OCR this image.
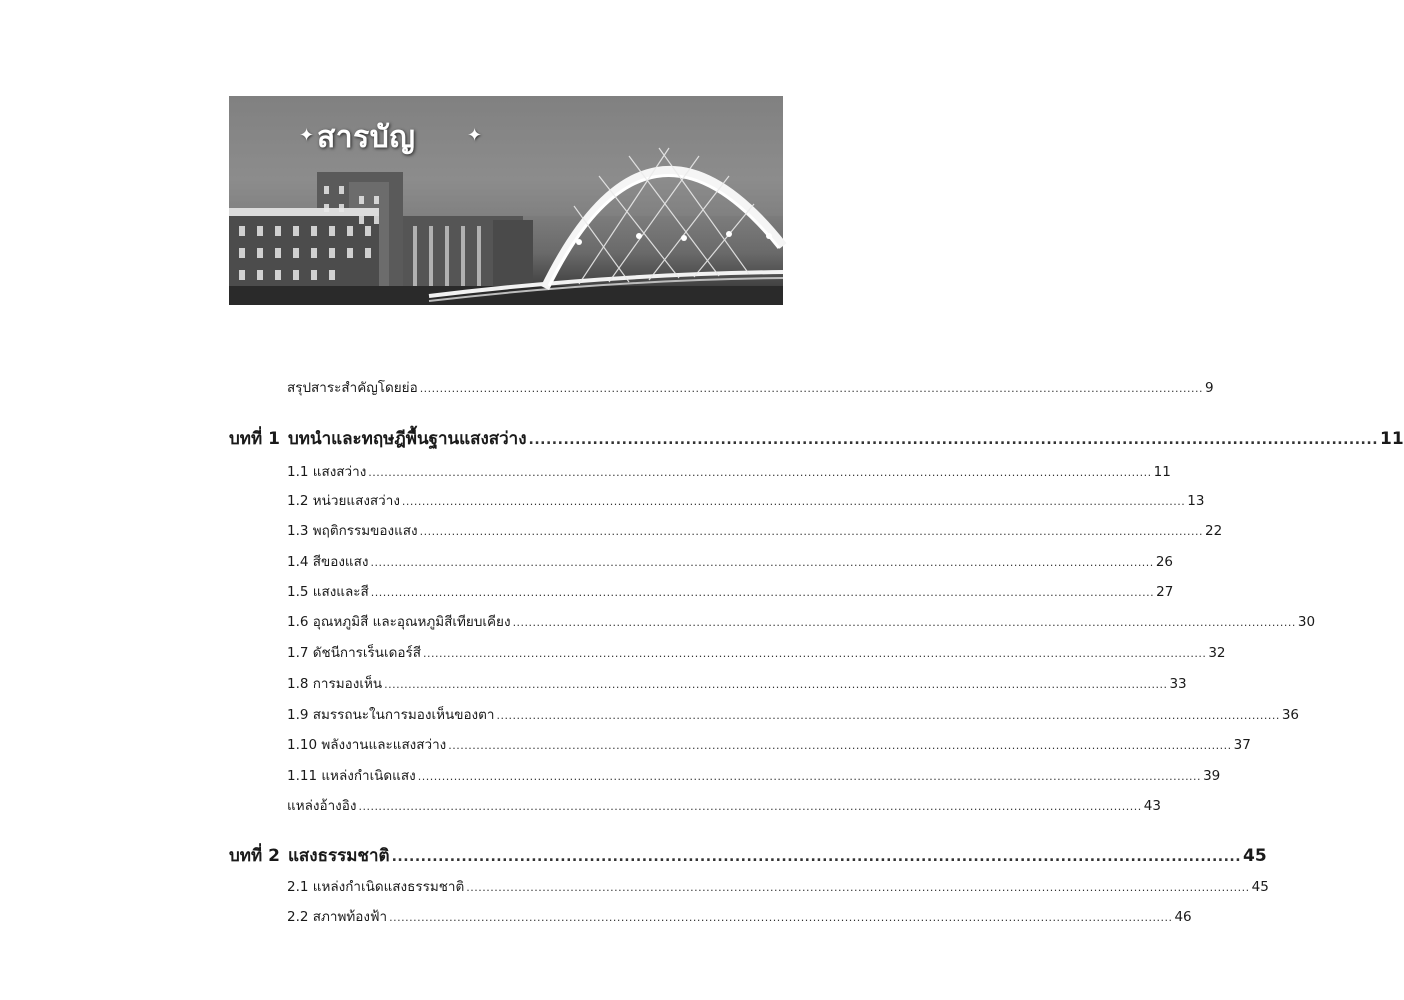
✦ สารบัญ	✦
สรุปสาระสำคัญโดยย่อ .................................................................................................................................................................................................... 9
บทที่ 1 บทนำและทฤษฎีพื้นฐานแสงสว่าง .................................................................................................................................................. 11
1.1 แสงสว่าง .................................................................................................................................................................................................... 11
1.2 หน่วยแสงสว่าง .................................................................................................................................................................................................... 13
1.3 พฤติกรรมของแสง .................................................................................................................................................................................................... 22
1.4 สีของแสง .................................................................................................................................................................................................... 26
1.5 แสงและสี .................................................................................................................................................................................................... 27
1.6 อุณหภูมิสี และอุณหภูมิสีเทียบเคียง .................................................................................................................................................................................................... 30
1.7 ดัชนีการเร็นเดอร์สี .................................................................................................................................................................................................... 32
1.8 การมองเห็น .................................................................................................................................................................................................... 33
1.9 สมรรถนะในการมองเห็นของตา .................................................................................................................................................................................................... 36
1.10 พลังงานและแสงสว่าง .................................................................................................................................................................................................... 37
1.11 แหล่งกำเนิดแสง .................................................................................................................................................................................................... 39
แหล่งอ้างอิง .................................................................................................................................................................................................... 43
บทที่ 2 แสงธรรมชาติ .................................................................................................................................................. 45
2.1 แหล่งกำเนิดแสงธรรมชาติ .................................................................................................................................................................................................... 45
2.2 สภาพท้องฟ้า .................................................................................................................................................................................................... 46
